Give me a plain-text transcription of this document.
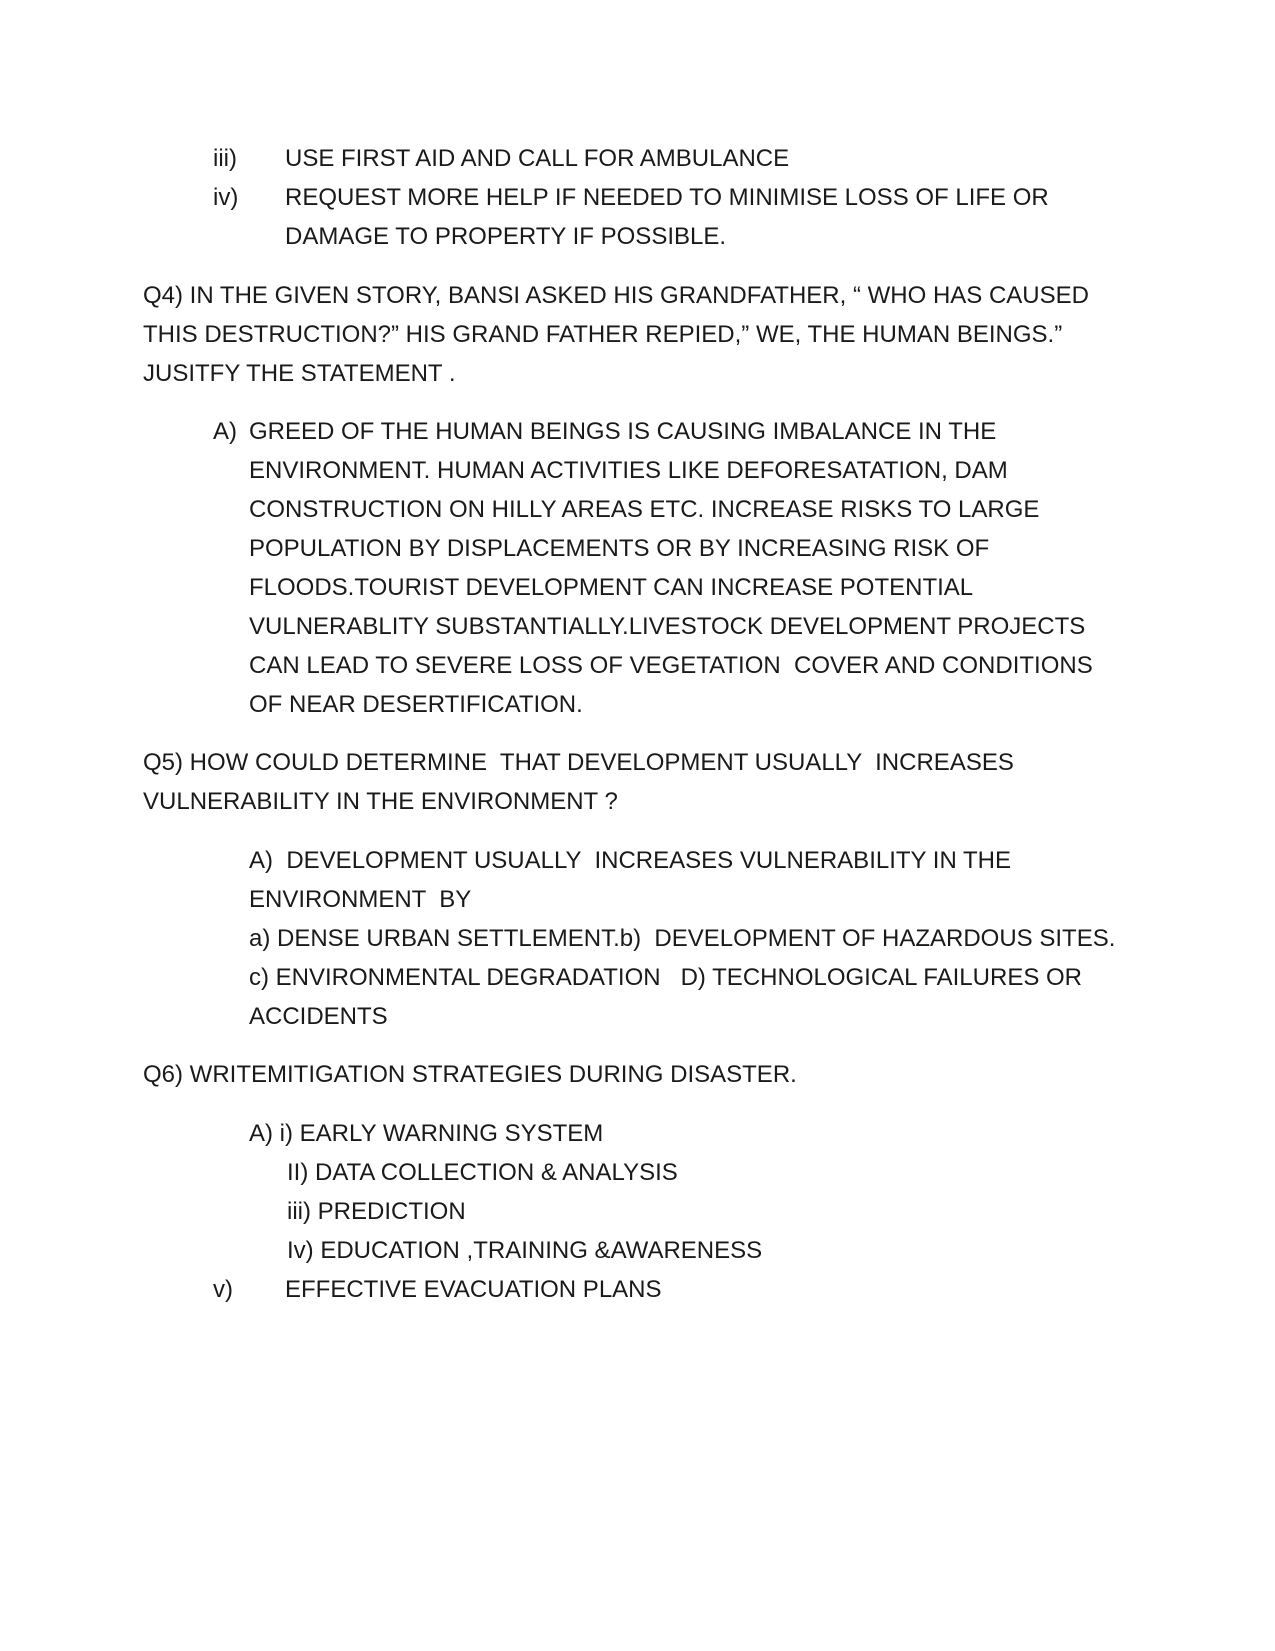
iii) USE FIRST AID AND CALL FOR AMBULANCE
iv) REQUEST MORE HELP IF NEEDED TO MINIMISE LOSS OF LIFE OR
DAMAGE TO PROPERTY IF POSSIBLE.
Q4) IN THE GIVEN STORY, BANSI ASKED HIS GRANDFATHER, “ WHO HAS CAUSED
THIS DESTRUCTION?” HIS GRAND FATHER REPIED,” WE, THE HUMAN BEINGS.”
JUSITFY THE STATEMENT .
A) GREED OF THE HUMAN BEINGS IS CAUSING IMBALANCE IN THE
ENVIRONMENT. HUMAN ACTIVITIES LIKE DEFORESATATION, DAM
CONSTRUCTION ON HILLY AREAS ETC. INCREASE RISKS TO LARGE
POPULATION BY DISPLACEMENTS OR BY INCREASING RISK OF
FLOODS.TOURIST DEVELOPMENT CAN INCREASE POTENTIAL
VULNERABLITY SUBSTANTIALLY.LIVESTOCK DEVELOPMENT PROJECTS
CAN LEAD TO SEVERE LOSS OF VEGETATION  COVER AND CONDITIONS
OF NEAR DESERTIFICATION.
Q5) HOW COULD DETERMINE  THAT DEVELOPMENT USUALLY  INCREASES
VULNERABILITY IN THE ENVIRONMENT ?
A)  DEVELOPMENT USUALLY  INCREASES VULNERABILITY IN THE
ENVIRONMENT  BY
a) DENSE URBAN SETTLEMENT.b)  DEVELOPMENT OF HAZARDOUS SITES.
c) ENVIRONMENTAL DEGRADATION   D) TECHNOLOGICAL FAILURES OR
ACCIDENTS
Q6) WRITEMITIGATION STRATEGIES DURING DISASTER.
A) i) EARLY WARNING SYSTEM
II) DATA COLLECTION & ANALYSIS
iii) PREDICTION
Iv) EDUCATION ,TRAINING &AWARENESS
v) EFFECTIVE EVACUATION PLANS
